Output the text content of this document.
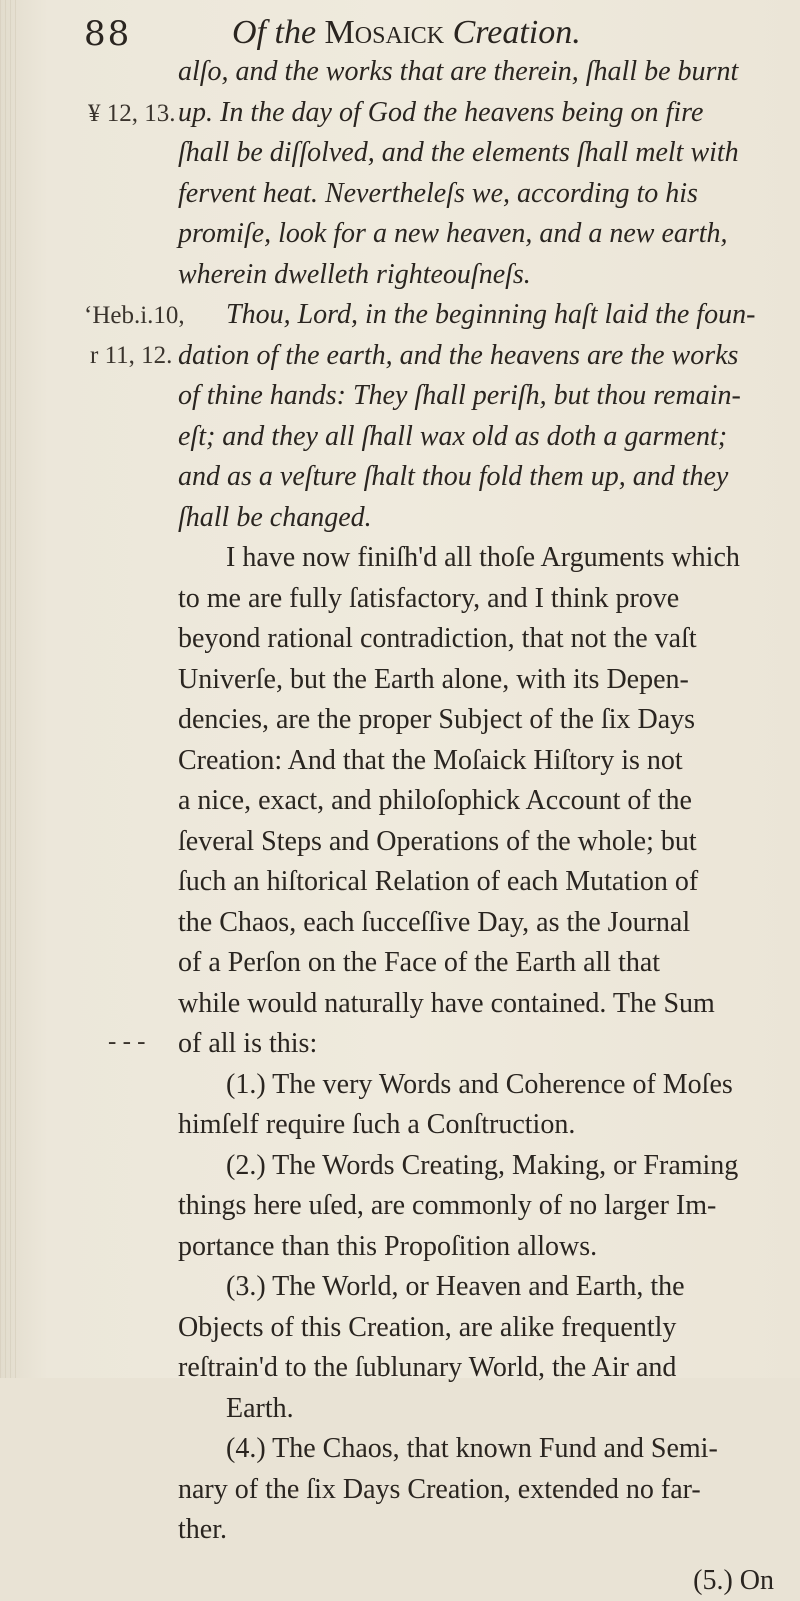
88	Of the Mosaick Creation.
¥ 12, 13.
‘Heb.i.10,
r 11, 12.
‑ ‑ ‑
alſo, and the works that are therein, ſhall be burnt
up. In the day of God the heavens being on fire
ſhall be diſſolved, and the elements ſhall melt with
fervent heat. Nevertheleſs we, according to his
promiſe, look for a new heaven, and a new earth,
wherein dwelleth righteouſneſs.
Thou, Lord, in the beginning haſt laid the foun-
dation of the earth, and the heavens are the works
of thine hands: They ſhall periſh, but thou remain-
eſt; and they all ſhall wax old as doth a garment;
and as a veſture ſhalt thou fold them up, and they
ſhall be changed.
I have now finiſh'd all thoſe Arguments which
to me are fully ſatisfactory, and I think prove
beyond rational contradiction, that not the vaſt
Univerſe, but the Earth alone, with its Depen-
dencies, are the proper Subject of the ſix Days
Creation: And that the Moſaick Hiſtory is not
a nice, exact, and philoſophick Account of the
ſeveral Steps and Operations of the whole; but
ſuch an hiſtorical Relation of each Mutation of
the Chaos, each ſucceſſive Day, as the Journal
of a Perſon on the Face of the Earth all that
while would naturally have contained. The Sum
of all is this:
(1.) The very Words and Coherence of Moſes
himſelf require ſuch a Conſtruction.
(2.) The Words Creating, Making, or Framing
things here uſed, are commonly of no larger Im-
portance than this Propoſition allows.
(3.) The World, or Heaven and Earth, the
Objects of this Creation, are alike frequently
reſtrain'd to the ſublunary World, the Air and
Earth.
(4.) The Chaos, that known Fund and Semi-
nary of the ſix Days Creation, extended no far-
ther.
(5.) On
